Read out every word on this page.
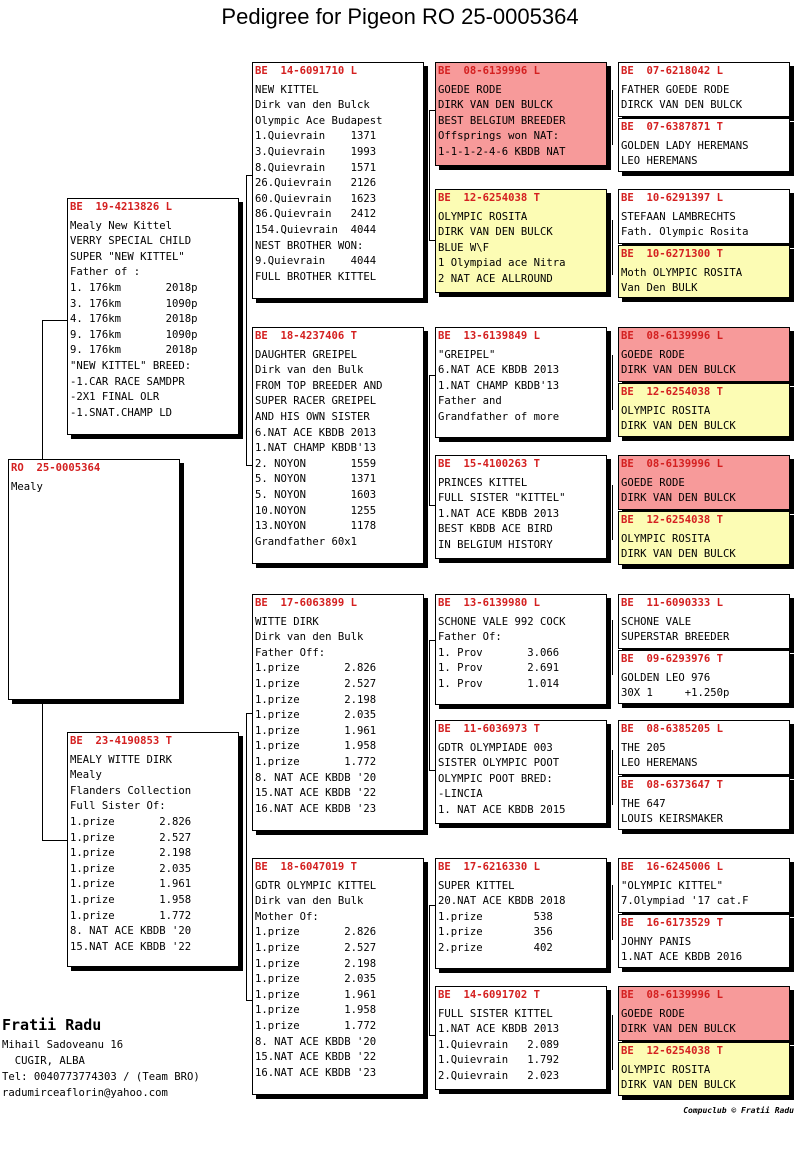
Pedigree for Pigeon RO 25-0005364
RO  25-0005364
Mealy
BE  19-4213826 L
Mealy New Kittel
VERRY SPECIAL CHILD
SUPER "NEW KITTEL"
Father of :
1. 176km       2018p
3. 176km       1090p
4. 176km       2018p
9. 176km       1090p
9. 176km       2018p
"NEW KITTEL" BREED:
-1.CAR RACE SAMDPR
-2X1 FINAL OLR
-1.SNAT.CHAMP LD
BE  23-4190853 T
MEALY WITTE DIRK
Mealy
Flanders Collection
Full Sister Of:
1.prize       2.826
1.prize       2.527
1.prize       2.198
1.prize       2.035
1.prize       1.961
1.prize       1.958
1.prize       1.772
8. NAT ACE KBDB '20
15.NAT ACE KBDB '22
BE  14-6091710 L
NEW KITTEL
Dirk van den Bulck
Olympic Ace Budapest
1.Quievrain    1371
3.Quievrain    1993
8.Quievrain    1571
26.Quievrain   2126
60.Quievrain   1623
86.Quievrain   2412
154.Quievrain  4044
NEST BROTHER WON:
9.Quievrain    4044
FULL BROTHER KITTEL
BE  18-4237406 T
DAUGHTER GREIPEL
Dirk van den Bulk
FROM TOP BREEDER AND
SUPER RACER GREIPEL
AND HIS OWN SISTER
6.NAT ACE KBDB 2013
1.NAT CHAMP KBDB'13
2. NOYON       1559
5. NOYON       1371
5. NOYON       1603
10.NOYON       1255
13.NOYON       1178
Grandfather 60x1
BE  17-6063899 L
WITTE DIRK
Dirk van den Bulk
Father Off:
1.prize       2.826
1.prize       2.527
1.prize       2.198
1.prize       2.035
1.prize       1.961
1.prize       1.958
1.prize       1.772
8. NAT ACE KBDB '20
15.NAT ACE KBDB '22
16.NAT ACE KBDB '23
BE  18-6047019 T
GDTR OLYMPIC KITTEL
Dirk van den Bulk
Mother Of:
1.prize       2.826
1.prize       2.527
1.prize       2.198
1.prize       2.035
1.prize       1.961
1.prize       1.958
1.prize       1.772
8. NAT ACE KBDB '20
15.NAT ACE KBDB '22
16.NAT ACE KBDB '23
BE  08-6139996 L
GOEDE RODE
DIRK VAN DEN BULCK
BEST BELGIUM BREEDER
Offsprings won NAT:
1-1-1-2-4-6 KBDB NAT
BE  12-6254038 T
OLYMPIC ROSITA
DIRK VAN DEN BULCK
BLUE W\F
1 Olympiad ace Nitra
2 NAT ACE ALLROUND
BE  13-6139849 L
"GREIPEL"
6.NAT ACE KBDB 2013
1.NAT CHAMP KBDB'13
Father and
Grandfather of more
BE  15-4100263 T
PRINCES KITTEL
FULL SISTER "KITTEL"
1.NAT ACE KBDB 2013
BEST KBDB ACE BIRD
IN BELGIUM HISTORY
BE  13-6139980 L
SCHONE VALE 992 COCK
Father Of:
1. Prov       3.066
1. Prov       2.691
1. Prov       1.014
BE  11-6036973 T
GDTR OLYMPIADE 003
SISTER OLYMPIC POOT
OLYMPIC POOT BRED:
-LINCIA
1. NAT ACE KBDB 2015
BE  17-6216330 L
SUPER KITTEL
20.NAT ACE KBDB 2018
1.prize        538
1.prize        356
2.prize        402
BE  14-6091702 T
FULL SISTER KITTEL
1.NAT ACE KBDB 2013
1.Quievrain   2.089
1.Quievrain   1.792
2.Quievrain   2.023
BE  07-6218042 L
FATHER GOEDE RODE
DIRCK VAN DEN BULCK
BE  07-6387871 T
GOLDEN LADY HEREMANS
LEO HEREMANS
BE  10-6291397 L
STEFAAN LAMBRECHTS
Fath. Olympic Rosita
BE  10-6271300 T
Moth OLYMPIC ROSITA
Van Den BULK
BE  08-6139996 L
GOEDE RODE
DIRK VAN DEN BULCK
BE  12-6254038 T
OLYMPIC ROSITA
DIRK VAN DEN BULCK
BE  08-6139996 L
GOEDE RODE
DIRK VAN DEN BULCK
BE  12-6254038 T
OLYMPIC ROSITA
DIRK VAN DEN BULCK
BE  11-6090333 L
SCHONE VALE
SUPERSTAR BREEDER
BE  09-6293976 T
GOLDEN LEO 976
30X 1     +1.250p
BE  08-6385205 L
THE 205
LEO HEREMANS
BE  08-6373647 T
THE 647
LOUIS KEIRSMAKER
BE  16-6245006 L
"OLYMPIC KITTEL"
7.Olympiad '17 cat.F
BE  16-6173529 T
JOHNY PANIS
1.NAT ACE KBDB 2016
BE  08-6139996 L
GOEDE RODE
DIRK VAN DEN BULCK
BE  12-6254038 T
OLYMPIC ROSITA
DIRK VAN DEN BULCK
Fratii Radu
Mihail Sadoveanu 16
CUGIR, ALBA
Tel: 0040773774303 / (Team BRO)
radumirceaflorin@yahoo.com
Compuclub © Fratii Radu
